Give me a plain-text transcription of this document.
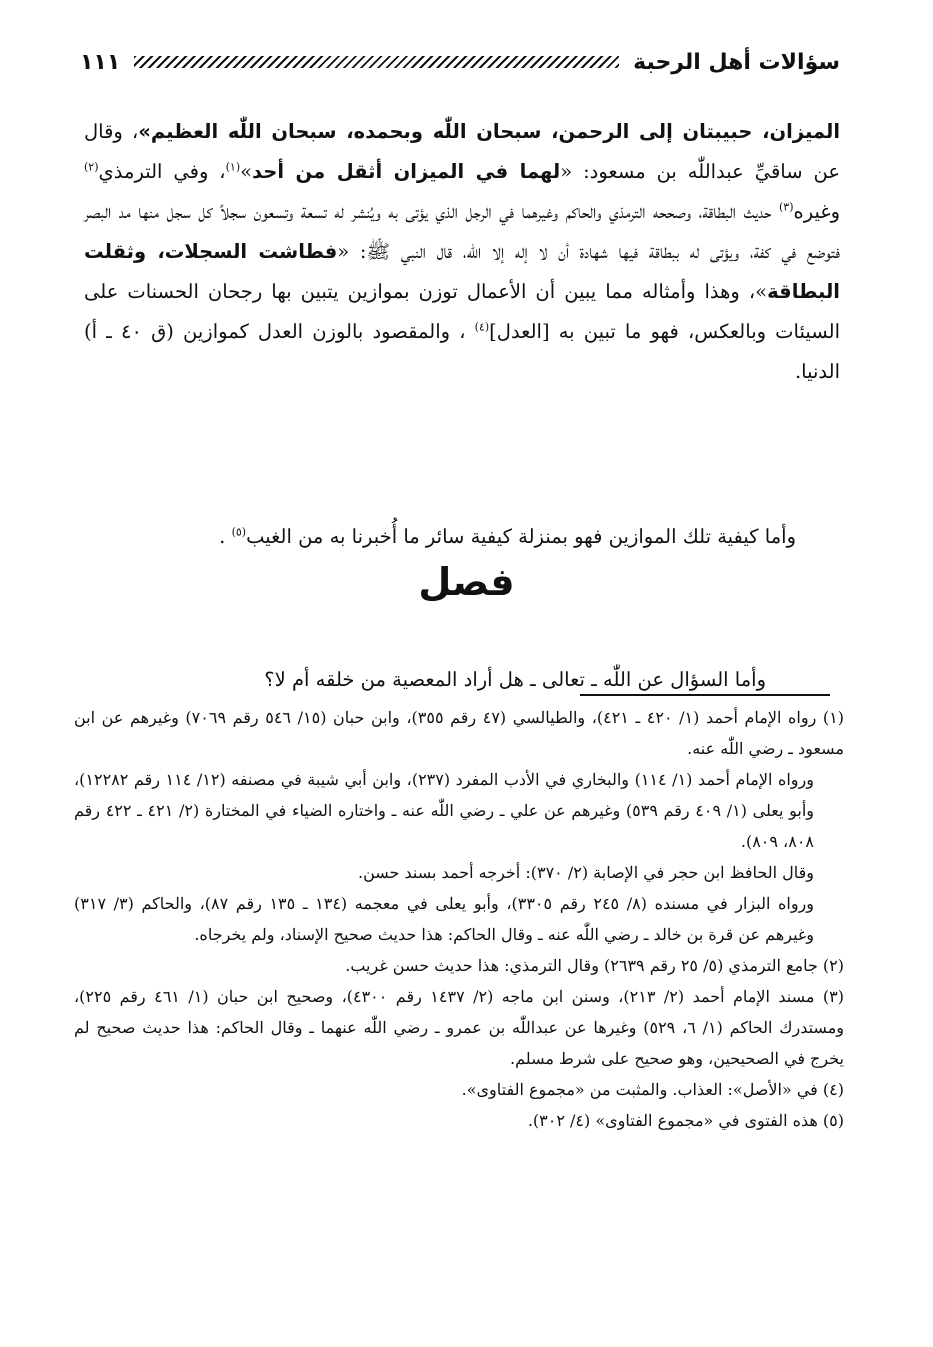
سؤالات أهل الرحبة
١١١

الميزان، حبيبتان إلى الرحمن، سبحان اللّٰه وبحمده، سبحان اللّٰه العظيم»، وقال عن ساقيِّ عبداللّٰه بن مسعود: «لهما في الميزان أثقل من أحد»$^{(١)}$، وفي الترمذي$^{(٢)}$ وغيره$^{(٣)}$ حديث البطاقة، وصححه الترمذي والحاكم وغيرهما في الرجل الذي يؤتى به ويُنشر له تسعة وتسعون سجلاً كل سجل منها مد البصر فتوضع في كفة، ويؤتى له ببطاقة فيها شهادة أن لا إله إلا اللّٰه، قال النبي ﷺ: «فطاشت السجلات، وثقلت البطاقة»، وهذا وأمثاله مما يبين أن الأعمال توزن بموازين يتبين بها رجحان الحسنات على السيئات وبالعكس، فهو ما تبين به [العدل]$^{(٤)}$ ، والمقصود بالوزن العدل كموازين (ق ٤٠ ـ أ) الدنيا.

وأما كيفية تلك الموازين فهو بمنزلة كيفية سائر ما أُخبرنا به من الغيب$^{(٥)}$ .

فصل

وأما السؤال عن اللّٰه ـ تعالى ـ هل أراد المعصية من خلقه أم لا؟

(١) رواه الإمام أحمد (١/ ٤٢٠ ـ ٤٢١)، والطيالسي (٤٧ رقم ٣٥٥)، وابن حبان (١٥/ ٥٤٦ رقم ٧٠٦٩) وغيرهم عن ابن مسعود ـ رضي اللّٰه عنه.

ورواه الإمام أحمد (١/ ١١٤) والبخاري في الأدب المفرد (٢٣٧)، وابن أبي شيبة في مصنفه (١٢/ ١١٤ رقم ١٢٢٨٢)، وأبو يعلى (١/ ٤٠٩ رقم ٥٣٩) وغيرهم عن علي ـ رضي اللّٰه عنه ـ واختاره الضياء في المختارة (٢/ ٤٢١ ـ ٤٢٢ رقم ٨٠٨، ٨٠٩).

وقال الحافظ ابن حجر في الإصابة (٢/ ٣٧٠): أخرجه أحمد بسند حسن.

ورواه البزار في مسنده (٨/ ٢٤٥ رقم ٣٣٠٥)، وأبو يعلى في معجمه (١٣٤ ـ ١٣٥ رقم ٨٧)، والحاكم (٣/ ٣١٧) وغيرهم عن قرة بن خالد ـ رضي اللّٰه عنه ـ وقال الحاكم: هذا حديث صحيح الإسناد، ولم يخرجاه.

(٢) جامع الترمذي (٥/ ٢٥ رقم ٢٦٣٩) وقال الترمذي: هذا حديث حسن غريب.

(٣) مسند الإمام أحمد (٢/ ٢١٣)، وسنن ابن ماجه (٢/ ١٤٣٧ رقم ٤٣٠٠)، وصحيح ابن حبان (١/ ٤٦١ رقم ٢٢٥)، ومستدرك الحاكم (١/ ٦، ٥٢٩) وغيرها عن عبداللّٰه بن عمرو ـ رضي اللّٰه عنهما ـ وقال الحاكم: هذا حديث صحيح لم يخرج في الصحيحين، وهو صحيح على شرط مسلم.

(٤) في «الأصل»: العذاب. والمثبت من «مجموع الفتاوى».

(٥) هذه الفتوى في «مجموع الفتاوى» (٤/ ٣٠٢).
